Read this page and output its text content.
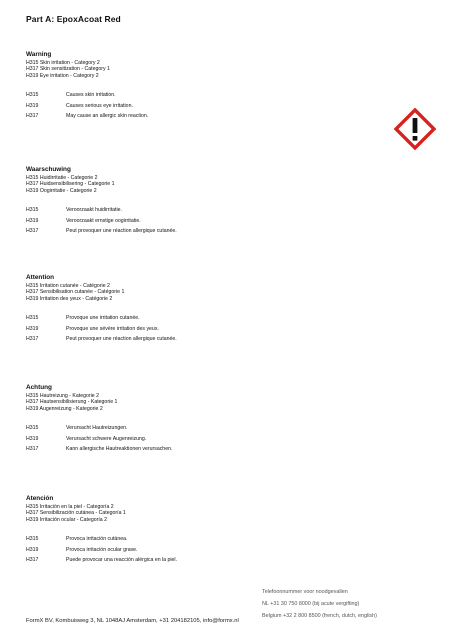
Part A: EpoxAcoat Red
Warning
H315 Skin irritation - Category 2
H317 Skin sensitization - Category 1
H319 Eye irritation - Category 2
H315	Causes skin irritation.
H319	Causes serious eye irritation.
H317	May cause an allergic skin reaction.
Waarschuwing
H315 Huidirritatie - Categorie 2
H317 Huidsensibilisering - Categorie 1
H319 Oogirritatie - Categorie 2
H315	Veroorzaakt huidirritatie.
H319	Veroorzaakt ernstige oogirritatie.
H317	Peut provoquer une réaction allergique cutanée.
Attention
H315 Irritation cutanée - Catégorie 2
H317 Sensibilisation cutanée - Catégorie 1
H319 Irritation des yeux - Catégorie 2
H315	Provoque une irritation cutanée.
H319	Provoque une sévère irritation des yeux.
H317	Peut provoquer une réaction allergique cutanée.
Achtung
H315 Hautreizung - Kategorie 2
H317 Hautsensibilisierung - Kategorie 1
H319 Augenreizung - Kategorie 2
H315	Verursacht Hautreizungen.
H319	Verursacht schwere Augenreizung.
H317	Kann allergische Hautreaktionen verursachen.
Atención
H315 Irritación en la piel - Categoría 2
H317 Sensibilización cutánea - Categoría 1
H319 Irritación ocular - Categoría 2
H315	Provoca irritación cutánea.
H319	Provoca irritación ocular grave.
H317	Puede provocar una reacción alérgica en la piel.
Telefoonnummer voor noodgevallen
NL +31 30 750 8000 (bij acute vergifting)
Belgium +32 2 800 8500 (french, dutch, english)
FormX BV, Kombuisweg 3, NL 1048AJ Amsterdam, +31 204182105, info@formx.nl
